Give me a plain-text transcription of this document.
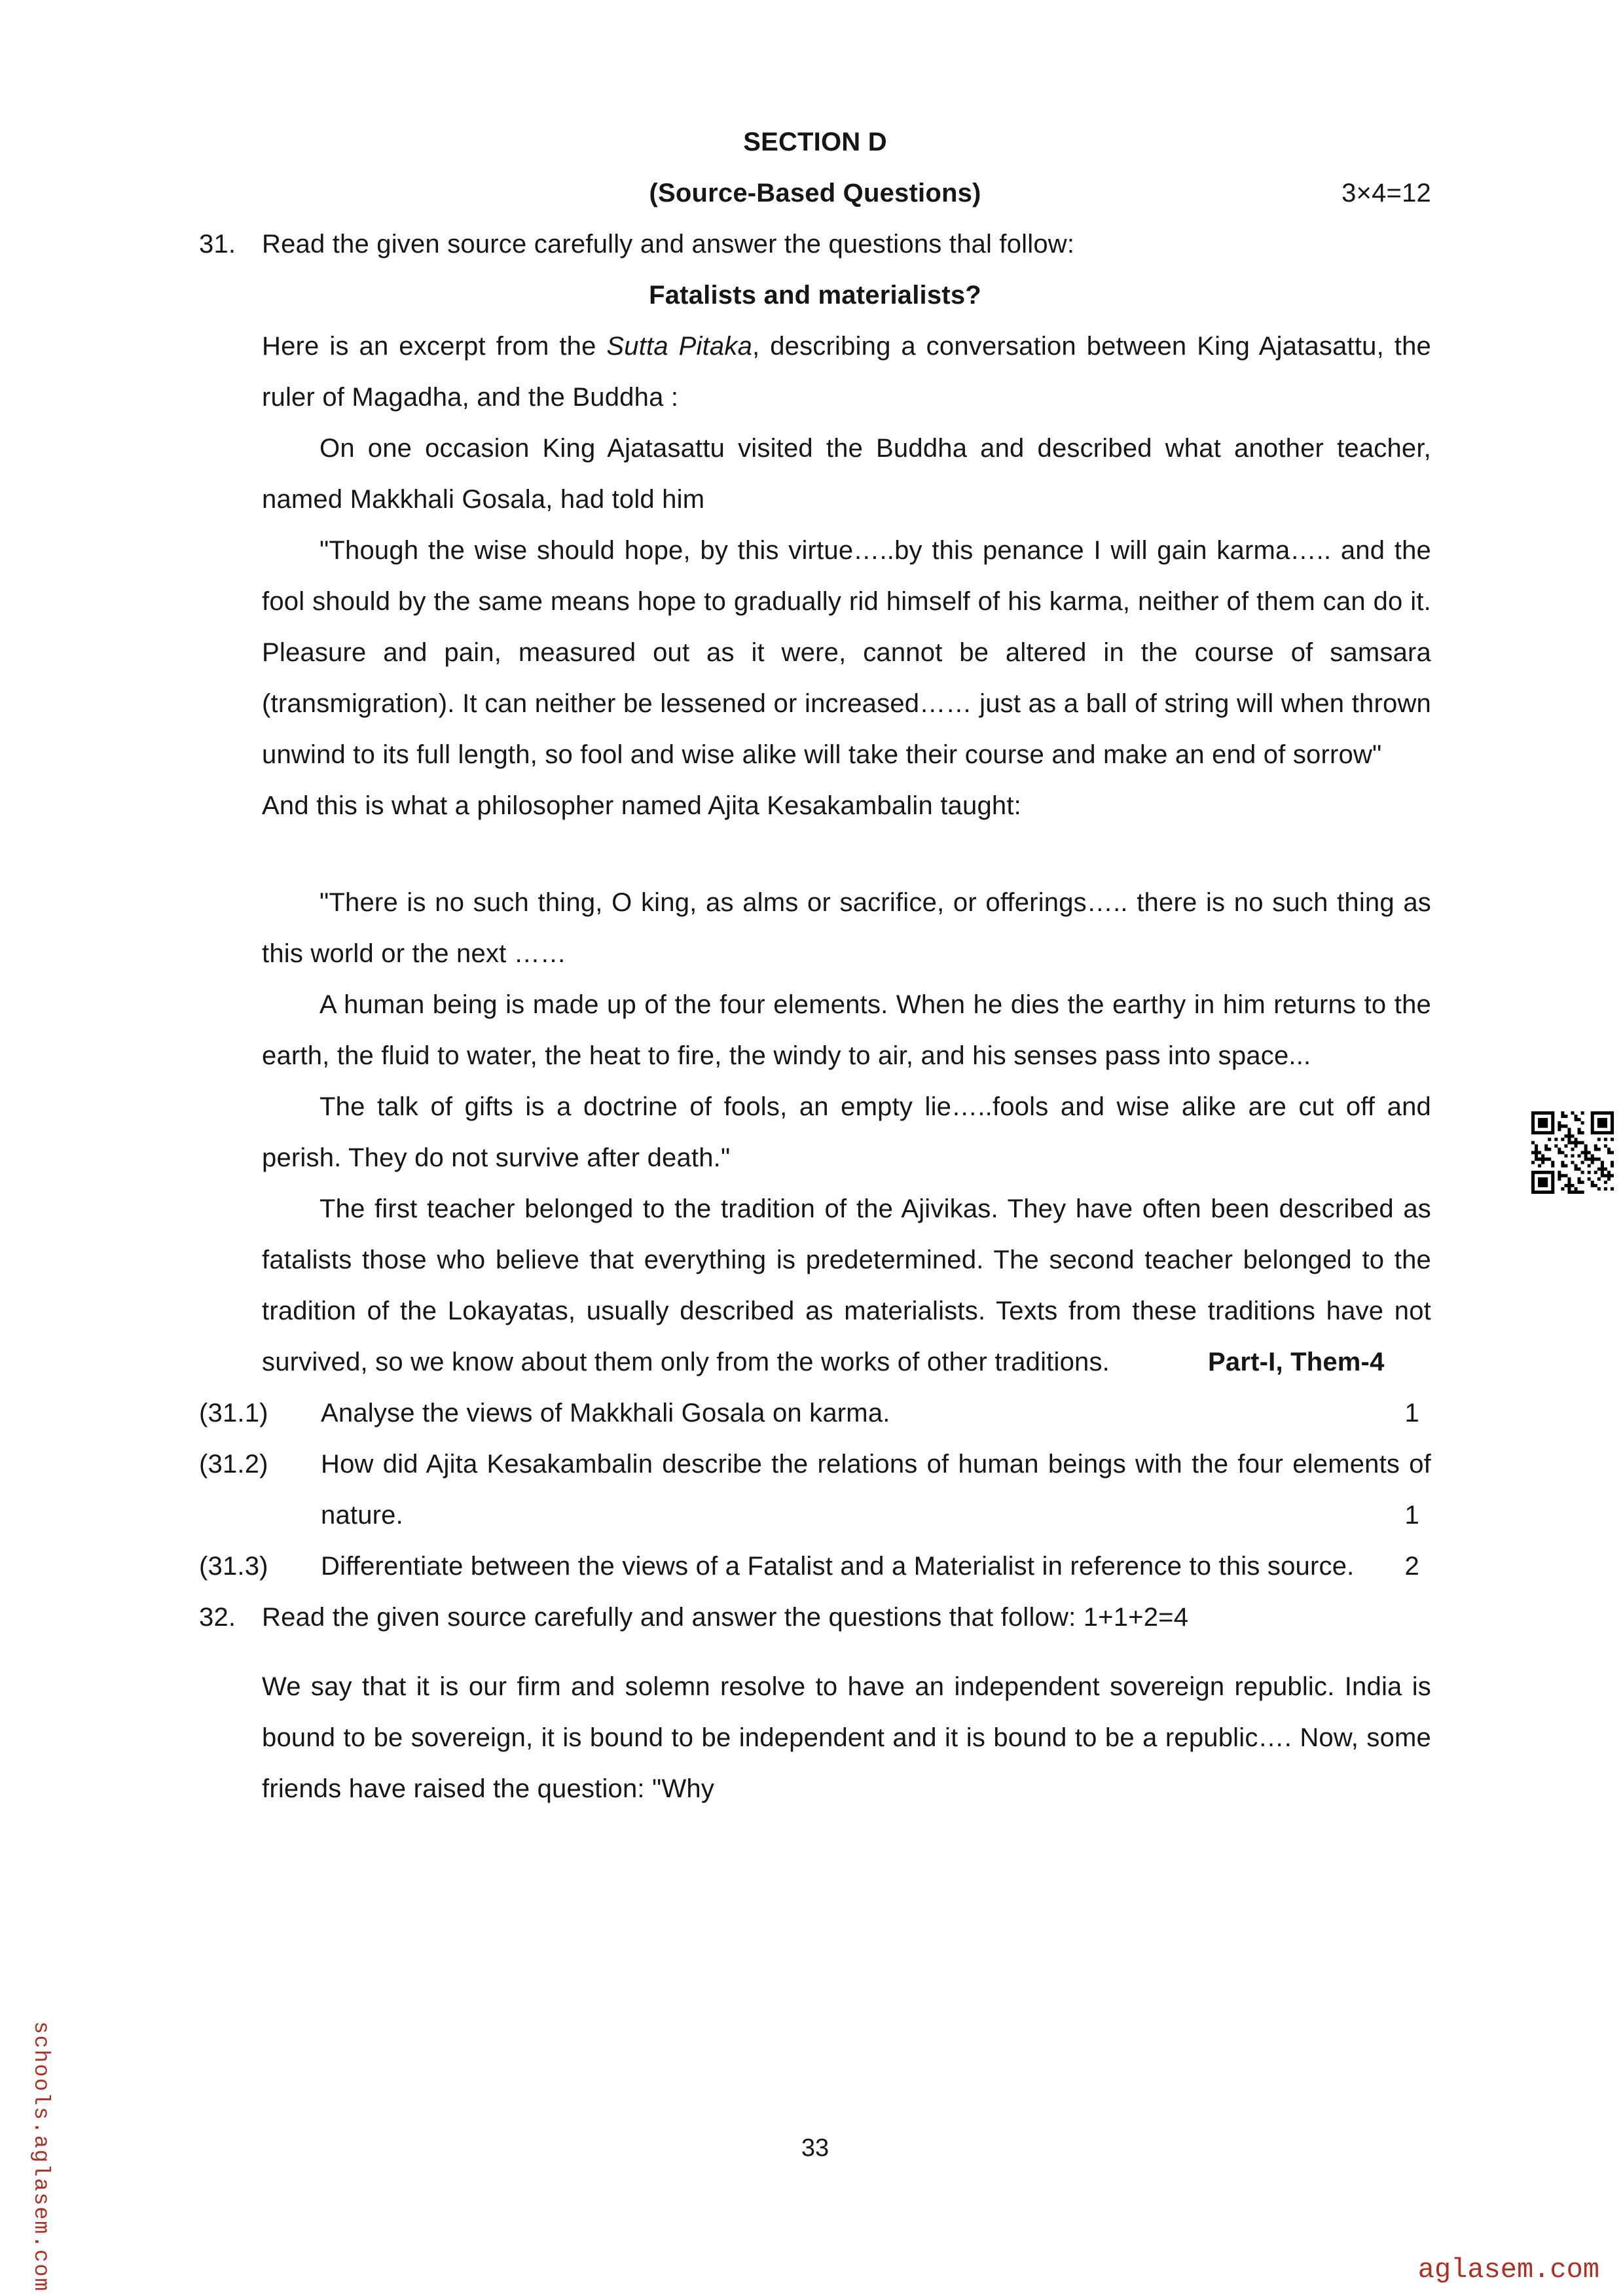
SECTION D
(Source-Based Questions)	3×4=12
31. Read the given source carefully and answer the questions thal follow:

Fatalists and materialists?

Here is an excerpt from the Sutta Pitaka, describing a conversation between King Ajatasattu, the ruler of Magadha, and the Buddha :

On one occasion King Ajatasattu visited the Buddha and described what another teacher, named Makkhali Gosala, had told him

"Though the wise should hope, by this virtue…..by this penance I will gain karma….. and the fool should by the same means hope to gradually rid himself of his karma, neither of them can do it. Pleasure and pain, measured out as it were, cannot be altered in the course of samsara (transmigration). It can neither be lessened or increased…… just as a ball of string will when thrown unwind to its full length, so fool and wise alike will take their course and make an end of sorrow"

And this is what a philosopher named Ajita Kesakambalin taught:

"There is no such thing, O king, as alms or sacrifice, or offerings….. there is no such thing as this world or the next ……

A human being is made up of the four elements. When he dies the earthy in him returns to the earth, the fluid to water, the heat to fire, the windy to air, and his senses pass into space...

The talk of gifts is a doctrine of fools, an empty lie…..fools and wise alike are cut off and perish. They do not survive after death."

The first teacher belonged to the tradition of the Ajivikas. They have often been described as fatalists those who believe that everything is predetermined. The second teacher belonged to the tradition of the Lokayatas, usually described as materialists. Texts from these traditions have not survived, so we know about them only from the works of other traditions.	Part-I, Them-4

(31.1)	Analyse the views of Makkhali Gosala on karma.	1
(31.2)	How did Ajita Kesakambalin describe the relations of human beings with the four elements of nature.	1
(31.3)	Differentiate between the views of a Fatalist and a Materialist in reference to this source. 2
32. Read the given source carefully and answer the questions that follow: 1+1+2=4

We say that it is our firm and solemn resolve to have an independent sovereign republic. India is bound to be sovereign, it is bound to be independent and it is bound to be a republic…. Now, some friends have raised the question: "Why

33
schools.aglasem.com	aglasem.com
